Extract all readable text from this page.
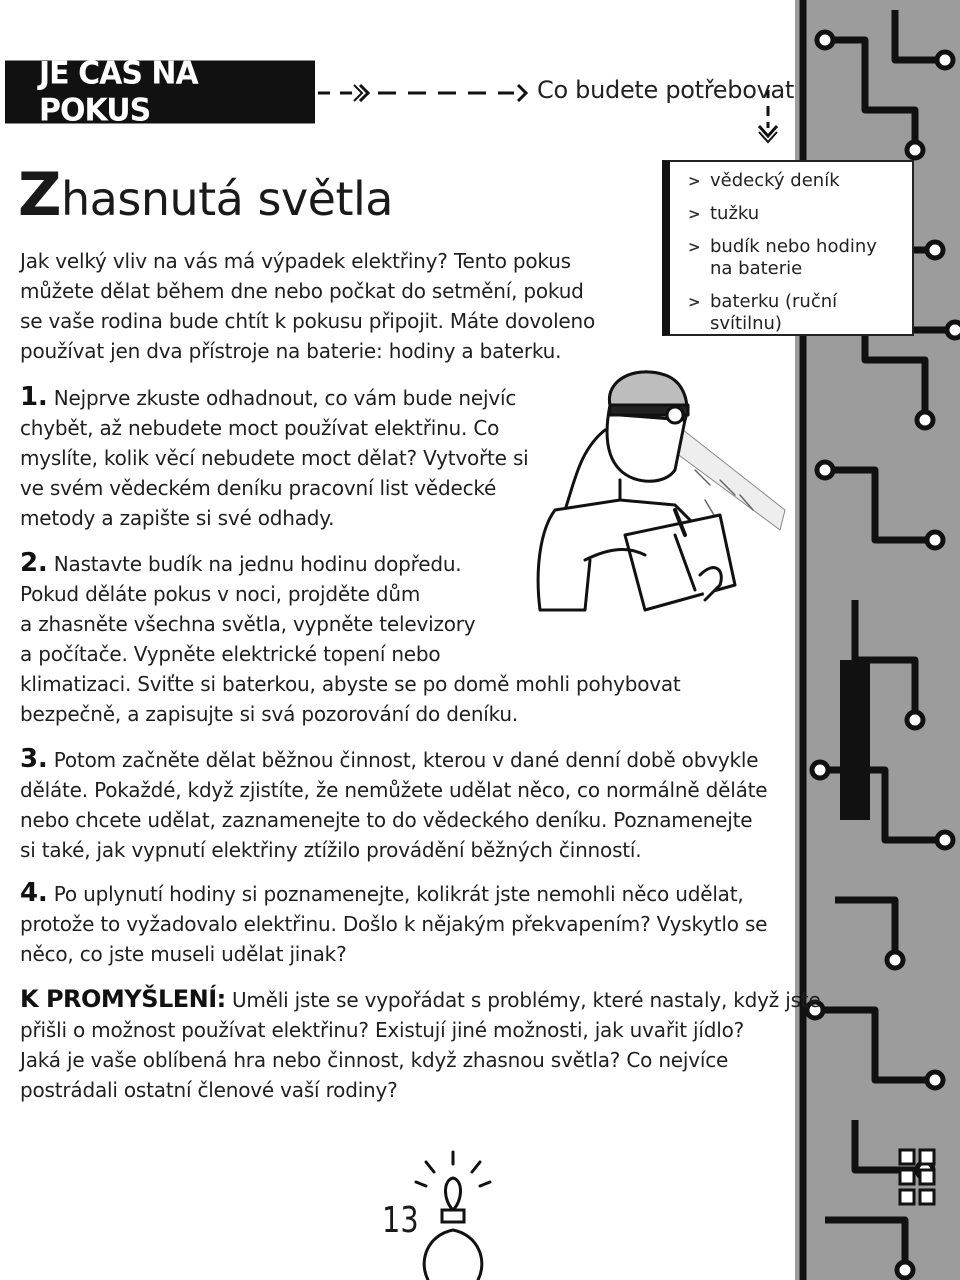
JE ČAS NA POKUS
Co budete potřebovat
Zhasnutá světla	> vědecký deník
> tužku
> budík nebo hodiny na baterie
> baterku (ruční svítilnu)
Jak velký vliv na vás má výpadek elektřiny? Tento pokus
můžete dělat během dne nebo počkat do setmění, pokud
se vaše rodina bude chtít k pokusu připojit. Máte dovoleno
používat jen dva přístroje na baterie: hodiny a baterku.
1. Nejprve zkuste odhadnout, co vám bude nejvíc
chybět, až nebudete moct používat elektřinu. Co
myslíte, kolik věcí nebudete moct dělat? Vytvořte si
ve svém vědeckém deníku pracovní list vědecké
metody a zapište si své odhady.
2. Nastavte budík na jednu hodinu dopředu.
Pokud děláte pokus v noci, projděte dům
a zhasněte všechna světla, vypněte televizory
a počítače. Vypněte elektrické topení nebo
klimatizaci. Sviťte si baterkou, abyste se po domě mohli pohybovat
bezpečně, a zapisujte si svá pozorování do deníku.
3. Potom začněte dělat běžnou činnost, kterou v dané denní době obvykle
děláte. Pokaždé, když zjistíte, že nemůžete udělat něco, co normálně děláte
nebo chcete udělat, zaznamenejte to do vědeckého deníku. Poznamenejte
si také, jak vypnutí elektřiny ztížilo provádění běžných činností.
4. Po uplynutí hodiny si poznamenejte, kolikrát jste nemohli něco udělat,
protože to vyžadovalo elektřinu. Došlo k nějakým překvapením? Vyskytlo se
něco, co jste museli udělat jinak?
K PROMYŠLENÍ: Uměli jste se vypořádat s problémy, které nastaly, když jste
přišli o možnost používat elektřinu? Existují jiné možnosti, jak uvařit jídlo?
Jaká je vaše oblíbená hra nebo činnost, když zhasnou světla? Co nejvíce
postrádali ostatní členové vaší rodiny?
13
